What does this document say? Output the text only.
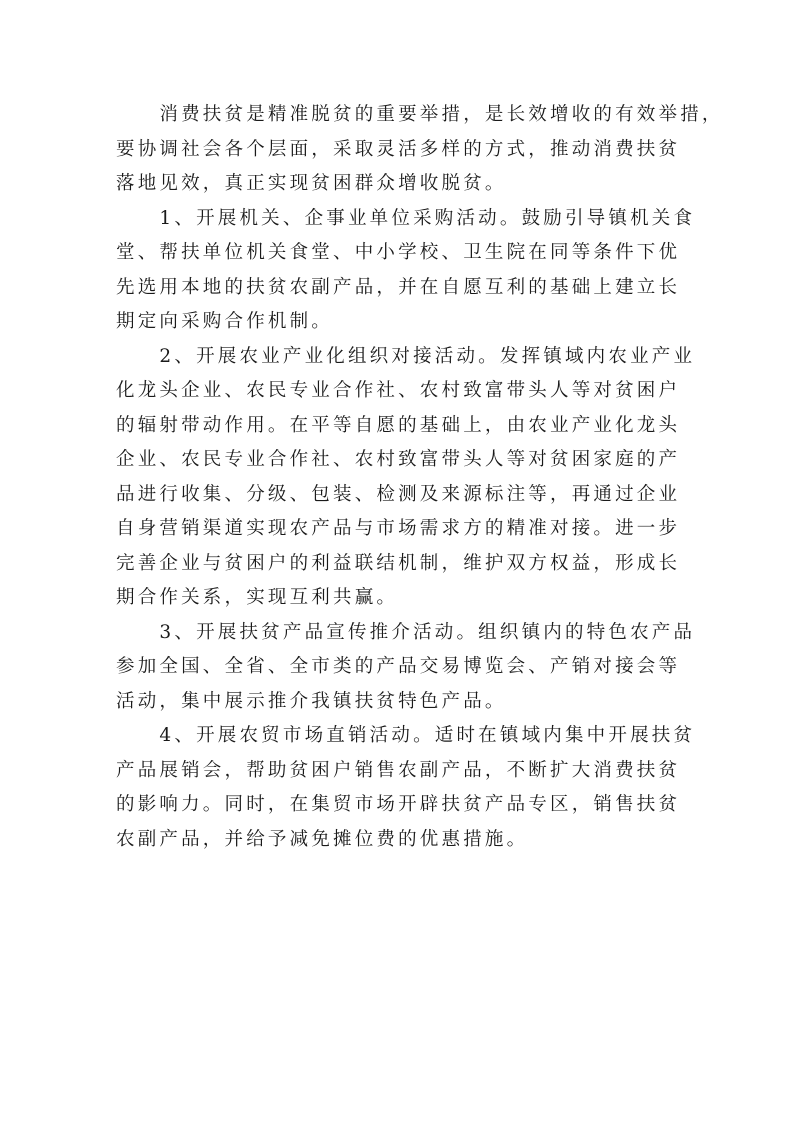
　　消费扶贫是精准脱贫的重要举措，是长效增收的有效举措，
要协调社会各个层面，采取灵活多样的方式，推动消费扶贫
落地见效，真正实现贫困群众增收脱贫。
　　1、开展机关、企事业单位采购活动。鼓励引导镇机关食
堂、帮扶单位机关食堂、中小学校、卫生院在同等条件下优
先选用本地的扶贫农副产品，并在自愿互利的基础上建立长
期定向采购合作机制。
　　2、开展农业产业化组织对接活动。发挥镇域内农业产业
化龙头企业、农民专业合作社、农村致富带头人等对贫困户
的辐射带动作用。在平等自愿的基础上，由农业产业化龙头
企业、农民专业合作社、农村致富带头人等对贫困家庭的产
品进行收集、分级、包装、检测及来源标注等，再通过企业
自身营销渠道实现农产品与市场需求方的精准对接。进一步
完善企业与贫困户的利益联结机制，维护双方权益，形成长
期合作关系，实现互利共赢。
　　3、开展扶贫产品宣传推介活动。组织镇内的特色农产品
参加全国、全省、全市类的产品交易博览会、产销对接会等
活动，集中展示推介我镇扶贫特色产品。
　　4、开展农贸市场直销活动。适时在镇域内集中开展扶贫
产品展销会，帮助贫困户销售农副产品，不断扩大消费扶贫
的影响力。同时，在集贸市场开辟扶贫产品专区，销售扶贫
农副产品，并给予减免摊位费的优惠措施。
